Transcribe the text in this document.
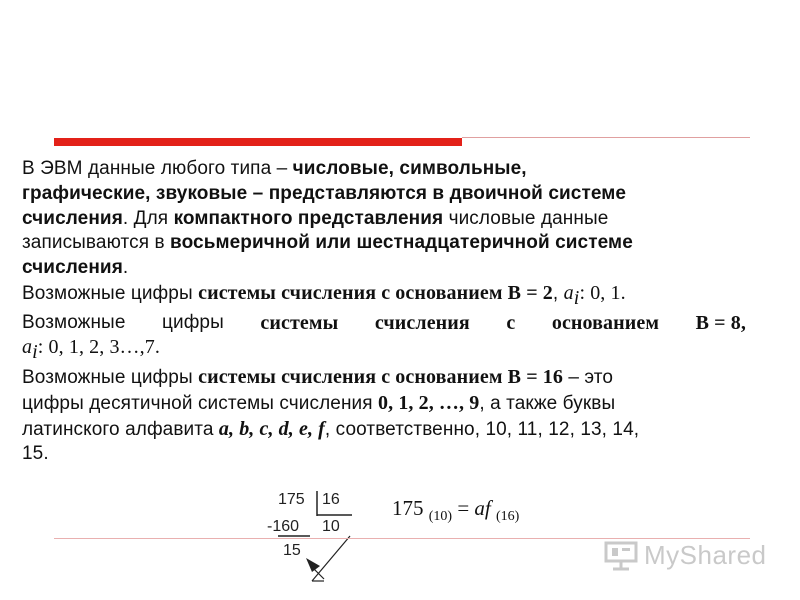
В ЭВМ данные любого типа – числовые, символьные,
графические, звуковые – представляются в двоичной системе
счисления. Для компактного представления числовые данные
записываются в восьмеричной или шестнадцатеричной системе
счисления.
Возможные цифры системы счисления с основанием B = 2, $a_i$: 0, 1.
Возможные цифры системы счисления с основанием B = 8,
$a_i$: 0, 1, 2, 3…,7.
Возможные цифры системы счисления с основанием B = 16 – это
цифры десятичной системы счисления 0, 1, 2, …, 9, а также буквы
латинского алфавита a, b, c, d, e, f, соответственно, 10, 11, 12, 13, 14,
15.
175 16
-160 10
15
175 $_{(10)}$ = af $_{(16)}$
MyShared
